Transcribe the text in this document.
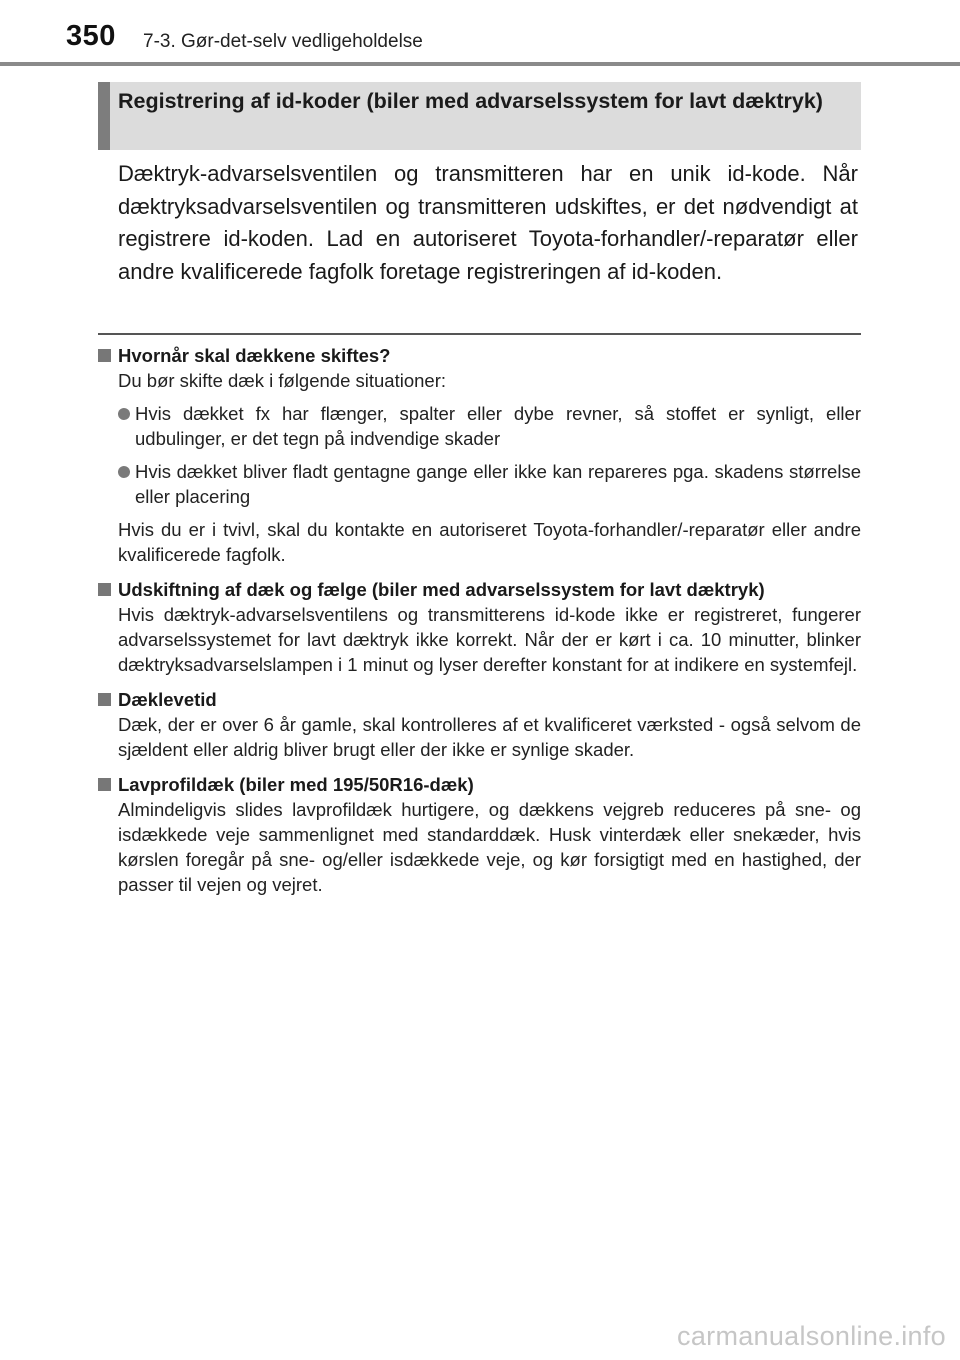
350 7-3. Gør-det-selv vedligeholdelse
Registrering af id-koder (biler med advarselssystem for lavt dæktryk)
Dæktryk-advarselsventilen og transmitteren har en unik id-kode. Når dæktryksadvarselsventilen og transmitteren udskiftes, er det nødvendigt at registrere id-koden. Lad en autoriseret Toyota-forhandler/-reparatør eller andre kvalificerede fagfolk foretage registreringen af id-koden.
Hvornår skal dækkene skiftes?
Du bør skifte dæk i følgende situationer:
Hvis dækket fx har flænger, spalter eller dybe revner, så stoffet er synligt, eller udbulinger, er det tegn på indvendige skader
Hvis dækket bliver fladt gentagne gange eller ikke kan repareres pga. skadens størrelse eller placering
Hvis du er i tvivl, skal du kontakte en autoriseret Toyota-forhandler/-reparatør eller andre kvalificerede fagfolk.
Udskiftning af dæk og fælge (biler med advarselssystem for lavt dæktryk)
Hvis dæktryk-advarselsventilens og transmitterens id-kode ikke er registreret, fungerer advarselssystemet for lavt dæktryk ikke korrekt. Når der er kørt i ca. 10 minutter, blinker dæktryksadvarselslampen i 1 minut og lyser derefter konstant for at indikere en systemfejl.
Dæklevetid
Dæk, der er over 6 år gamle, skal kontrolleres af et kvalificeret værksted - også selvom de sjældent eller aldrig bliver brugt eller der ikke er synlige skader.
Lavprofildæk (biler med 195/50R16-dæk)
Almindeligvis slides lavprofildæk hurtigere, og dækkens vejgreb reduceres på sne- og isdækkede veje sammenlignet med standarddæk. Husk vinterdæk eller snekæder, hvis kørslen foregår på sne- og/eller isdækkede veje, og kør forsigtigt med en hastighed, der passer til vejen og vejret.
carmanualsonline.info
